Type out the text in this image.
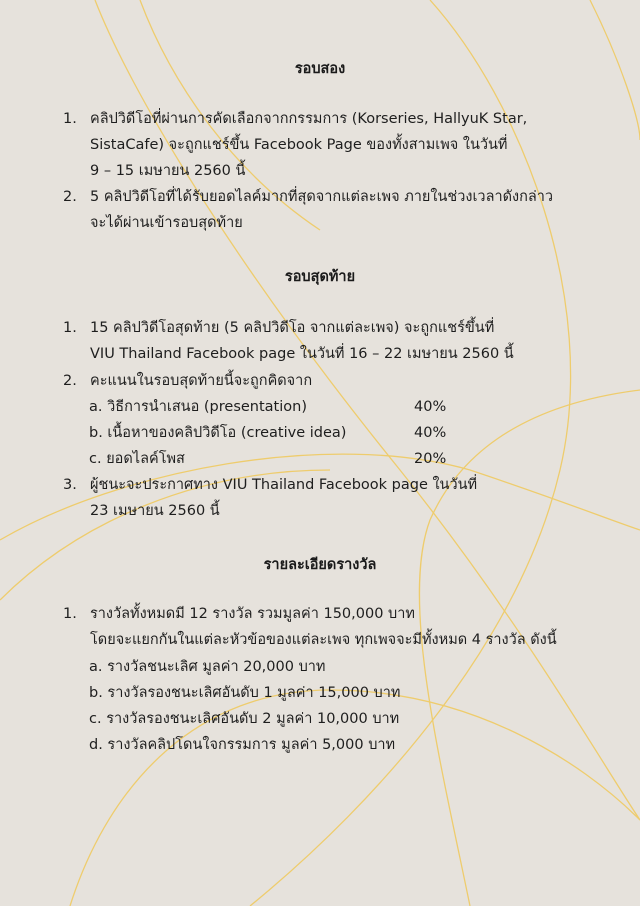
รอบสอง
1. คลิปวิดีโอที่ผ่านการคัดเลือกจากกรรมการ (Korseries, HallyuK Star,
SistaCafe) จะถูกแชร์ขึ้น Facebook Page ของทั้งสามเพจ ในวันที่
9 – 15 เมษายน 2560 นี้
2. 5 คลิปวิดีโอที่ได้รับยอดไลค์มากที่สุดจากแต่ละเพจ ภายในช่วงเวลาดังกล่าว
จะได้ผ่านเข้ารอบสุดท้าย
รอบสุดท้าย
1. 15 คลิปวิดีโอสุดท้าย (5 คลิปวิดีโอ จากแต่ละเพจ) จะถูกแชร์ขึ้นที่
VIU Thailand Facebook page ในวันที่ 16 – 22 เมษายน 2560 นี้
2. คะแนนในรอบสุดท้ายนี้จะถูกคิดจาก
a. วิธีการนำเสนอ (presentation)	40%
b. เนื้อหาของคลิปวิดีโอ (creative idea)	40%
c. ยอดไลค์โพส	20%
3. ผู้ชนะจะประกาศทาง VIU Thailand Facebook page ในวันที่
23 เมษายน 2560 นี้
รายละเอียดรางวัล
1. รางวัลทั้งหมดมี 12 รางวัล รวมมูลค่า 150,000 บาท
โดยจะแยกกันในแต่ละหัวข้อของแต่ละเพจ ทุกเพจจะมีทั้งหมด 4 รางวัล ดังนี้
a. รางวัลชนะเลิศ มูลค่า 20,000 บาท
b. รางวัลรองชนะเลิศอันดับ 1 มูลค่า 15,000 บาท
c. รางวัลรองชนะเลิศอันดับ 2 มูลค่า 10,000 บาท
d. รางวัลคลิปโดนใจกรรมการ มูลค่า 5,000 บาท
